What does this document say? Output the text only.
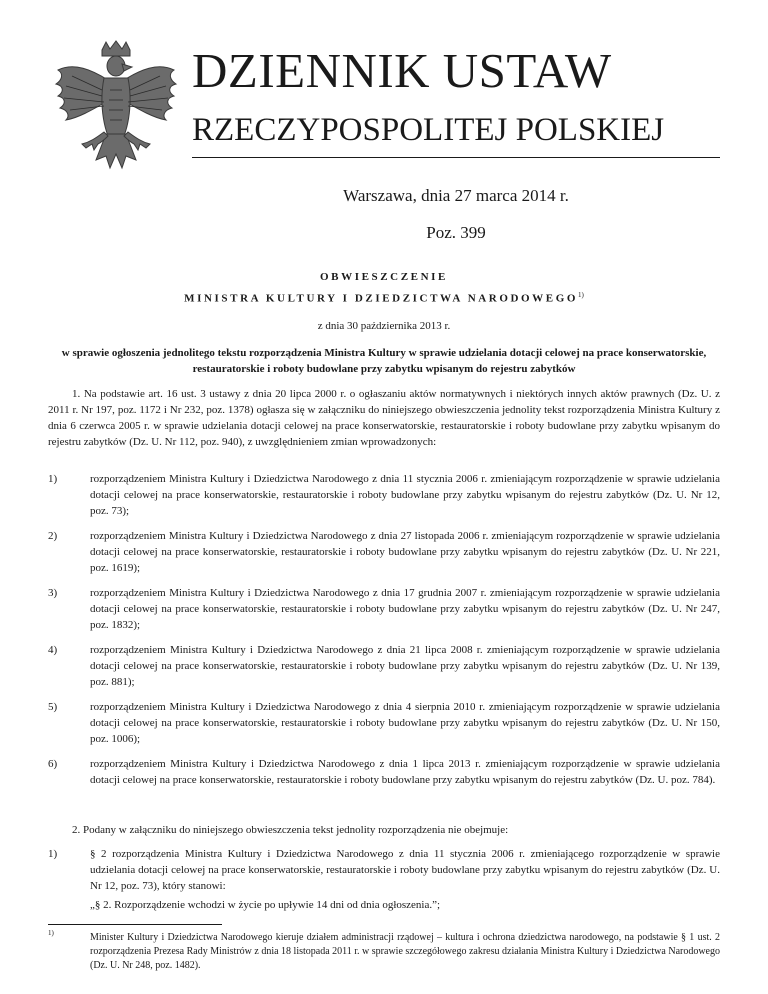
DZIENNIK USTAW
RZECZYPOSPOLITEJ POLSKIEJ
Warszawa, dnia 27 marca 2014 r.
Poz. 399
OBWIESZCZENIE
MINISTRA KULTURY I DZIEDZICTWA NARODOWEGO$^{1)}$
z dnia 30 października 2013 r.
w sprawie ogłoszenia jednolitego tekstu rozporządzenia Ministra Kultury w sprawie udzielania dotacji celowej na prace konserwatorskie, restauratorskie i roboty budowlane przy zabytku wpisanym do rejestru zabytków

1. Na podstawie art. 16 ust. 3 ustawy z dnia 20 lipca 2000 r. o ogłaszaniu aktów normatywnych i niektórych innych aktów prawnych (Dz. U. z 2011 r. Nr 197, poz. 1172 i Nr 232, poz. 1378) ogłasza się w załączniku do niniejszego obwieszczenia jednolity tekst rozporządzenia Ministra Kultury z dnia 6 czerwca 2005 r. w sprawie udzielania dotacji celowej na prace konserwatorskie, restauratorskie i roboty budowlane przy zabytku wpisanym do rejestru zabytków (Dz. U. Nr 112, poz. 940), z uwzględnieniem zmian wprowadzonych:

1)	rozporządzeniem Ministra Kultury i Dziedzictwa Narodowego z dnia 11 stycznia 2006 r. zmieniającym rozporządzenie w sprawie udzielania dotacji celowej na prace konserwatorskie, restauratorskie i roboty budowlane przy zabytku wpisanym do rejestru zabytków (Dz. U. Nr 12, poz. 73);
2)	rozporządzeniem Ministra Kultury i Dziedzictwa Narodowego z dnia 27 listopada 2006 r. zmieniającym rozporządzenie w sprawie udzielania dotacji celowej na prace konserwatorskie, restauratorskie i roboty budowlane przy zabytku wpisanym do rejestru zabytków (Dz. U. Nr 221, poz. 1619);
3)	rozporządzeniem Ministra Kultury i Dziedzictwa Narodowego z dnia 17 grudnia 2007 r. zmieniającym rozporządzenie w sprawie udzielania dotacji celowej na prace konserwatorskie, restauratorskie i roboty budowlane przy zabytku wpisanym do rejestru zabytków (Dz. U. Nr 247, poz. 1832);
4)	rozporządzeniem Ministra Kultury i Dziedzictwa Narodowego z dnia 21 lipca 2008 r. zmieniającym rozporządzenie w sprawie udzielania dotacji celowej na prace konserwatorskie, restauratorskie i roboty budowlane przy zabytku wpisanym do rejestru zabytków (Dz. U. Nr 139, poz. 881);
5)	rozporządzeniem Ministra Kultury i Dziedzictwa Narodowego z dnia 4 sierpnia 2010 r. zmieniającym rozporządzenie w sprawie udzielania dotacji celowej na prace konserwatorskie, restauratorskie i roboty budowlane przy zabytku wpisanym do rejestru zabytków (Dz. U. Nr 150, poz. 1006);
6)	rozporządzeniem Ministra Kultury i Dziedzictwa Narodowego z dnia 1 lipca 2013 r. zmieniającym rozporządzenie w sprawie udzielania dotacji celowej na prace konserwatorskie, restauratorskie i roboty budowlane przy zabytku wpisanym do rejestru zabytków (Dz. U. poz. 784).

2. Podany w załączniku do niniejszego obwieszczenia tekst jednolity rozporządzenia nie obejmuje:

1)	§ 2 rozporządzenia Ministra Kultury i Dziedzictwa Narodowego z dnia 11 stycznia 2006 r. zmieniającego rozporządzenie w sprawie udzielania dotacji celowej na prace konserwatorskie, restauratorskie i roboty budowlane przy zabytku wpisanym do rejestru zabytków (Dz. U. Nr 12, poz. 73), który stanowi:
„§ 2. Rozporządzenie wchodzi w życie po upływie 14 dni od dnia ogłoszenia.”;
1)	Minister Kultury i Dziedzictwa Narodowego kieruje działem administracji rządowej – kultura i ochrona dziedzictwa narodowego, na podstawie § 1 ust. 2 rozporządzenia Prezesa Rady Ministrów z dnia 18 listopada 2011 r. w sprawie szczegółowego zakresu działania Ministra Kultury i Dziedzictwa Narodowego (Dz. U. Nr 248, poz. 1482).
